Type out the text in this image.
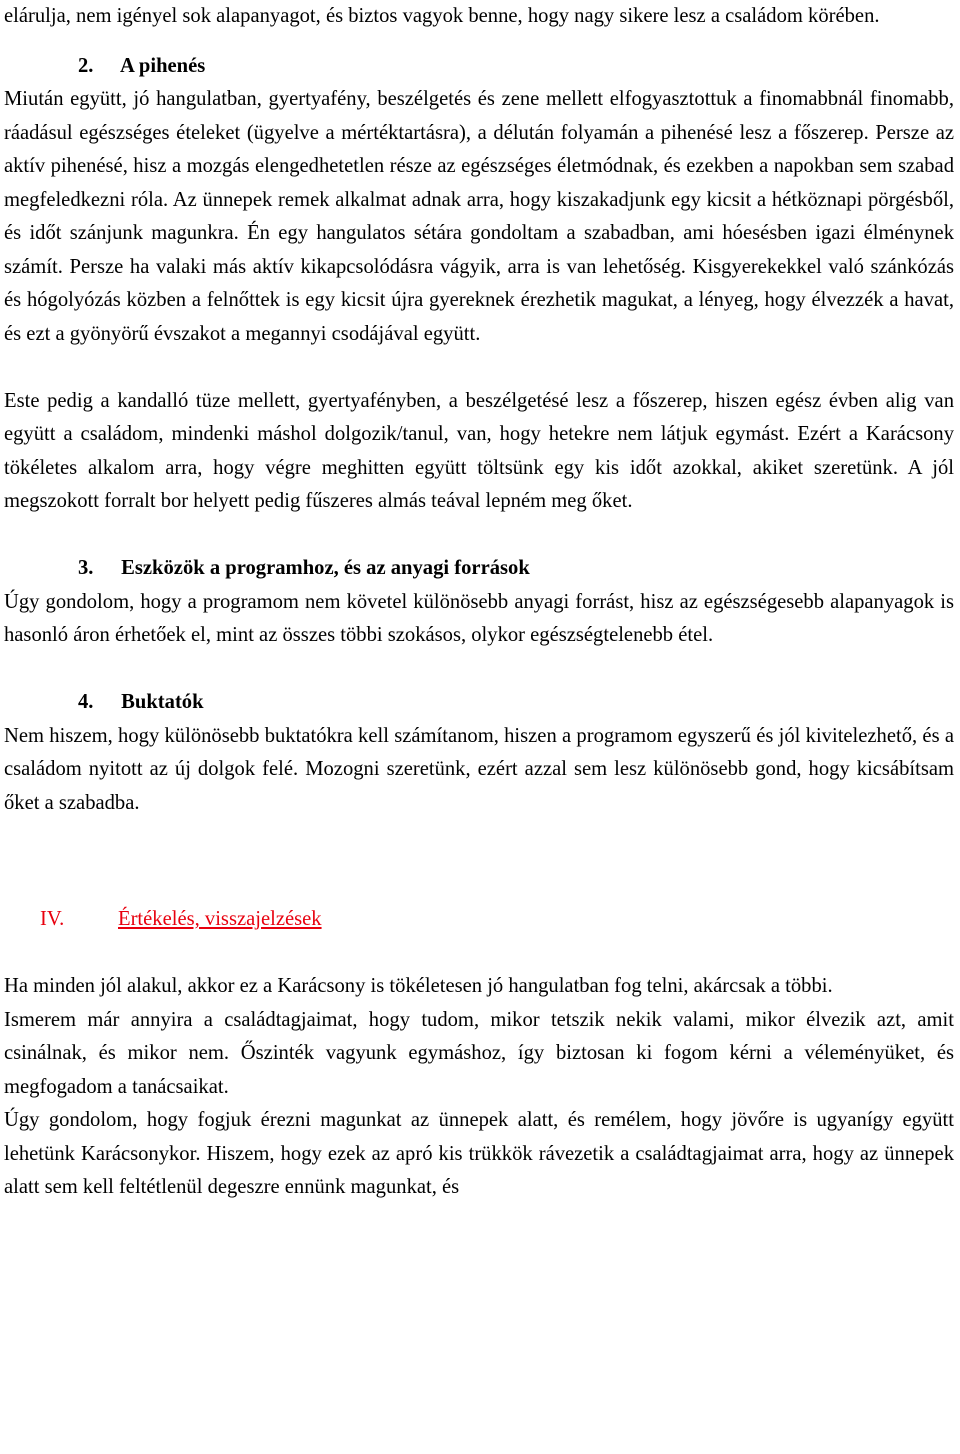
elárulja, nem igényel sok alapanyagot, és biztos vagyok benne, hogy nagy sikere lesz a családom körében.

2. A pihenés

Miután együtt, jó hangulatban, gyertyafény, beszélgetés és zene mellett elfogyasztottuk a finomabbnál finomabb, ráadásul egészséges ételeket (ügyelve a mértéktartásra), a délután folyamán a pihenésé lesz a főszerep. Persze az aktív pihenésé, hisz a mozgás elengedhetetlen része az egészséges életmódnak, és ezekben a napokban sem szabad megfeledkezni róla. Az ünnepek remek alkalmat adnak arra, hogy kiszakadjunk egy kicsit a hétköznapi pörgésből, és időt szánjunk magunkra. Én egy hangulatos sétára gondoltam a szabadban, ami hóesésben igazi élménynek számít. Persze ha valaki más aktív kikapcsolódásra vágyik, arra is van lehetőség. Kisgyerekekkel való szánkózás és hógolyózás közben a felnőttek is egy kicsit újra gyereknek érezhetik magukat, a lényeg, hogy élvezzék a havat, és ezt a gyönyörű évszakot a megannyi csodájával együtt.

Este pedig a kandalló tüze mellett, gyertyafényben, a beszélgetésé lesz a főszerep, hiszen egész évben alig van együtt a családom, mindenki máshol dolgozik/tanul, van, hogy hetekre nem látjuk egymást. Ezért a Karácsony tökéletes alkalom arra, hogy végre meghitten együtt töltsünk egy kis időt azokkal, akiket szeretünk. A jól megszokott forralt bor helyett pedig fűszeres almás teával lepném meg őket.

3. Eszközök a programhoz, és az anyagi források

Úgy gondolom, hogy a programom nem követel különösebb anyagi forrást, hisz az egészségesebb alapanyagok is hasonló áron érhetőek el, mint az összes többi szokásos, olykor egészségtelenebb étel.

4. Buktatók

Nem hiszem, hogy különösebb buktatókra kell számítanom, hiszen a programom egyszerű és jól kivitelezhető, és a családom nyitott az új dolgok felé. Mozogni szeretünk, ezért azzal sem lesz különösebb gond, hogy kicsábítsam őket a szabadba.

IV.	Értékelés, visszajelzések

Ha minden jól alakul, akkor ez a Karácsony is tökéletesen jó hangulatban fog telni, akárcsak a többi.

Ismerem már annyira a családtagjaimat, hogy tudom, mikor tetszik nekik valami, mikor élvezik azt, amit csinálnak, és mikor nem. Őszinték vagyunk egymáshoz, így biztosan ki fogom kérni a véleményüket, és megfogadom a tanácsaikat.

Úgy gondolom, hogy fogjuk érezni magunkat az ünnepek alatt, és remélem, hogy jövőre is ugyanígy együtt lehetünk Karácsonykor. Hiszem, hogy ezek az apró kis trükkök rávezetik a családtagjaimat arra, hogy az ünnepek alatt sem kell feltétlenül degeszre ennünk magunkat, és
